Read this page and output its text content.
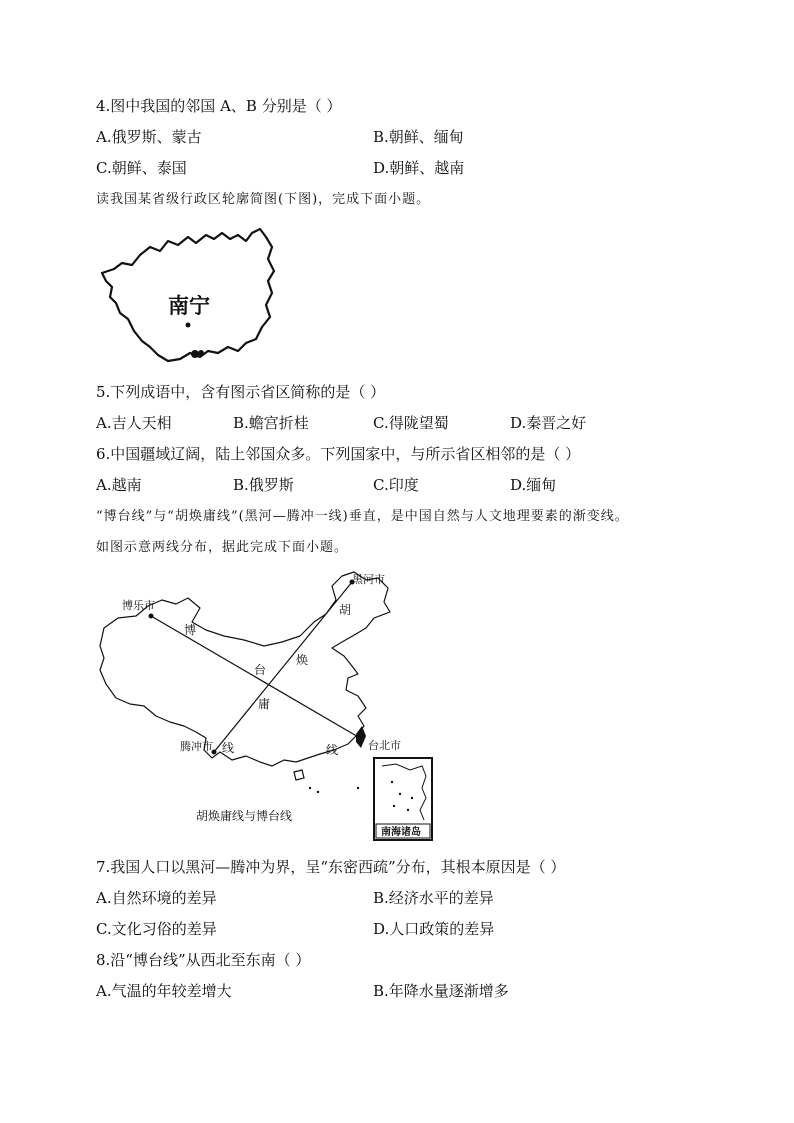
4.图中我国的邻国 A、B 分别是（ ）
A.俄罗斯、蒙古	B.朝鲜、缅甸
C.朝鲜、泰国	D.朝鲜、越南
读我国某省级行政区轮廓简图(下图)，完成下面小题。
南宁
5.下列成语中，含有图示省区简称的是（ ）
A.吉人天相	B.蟾宫折桂	C.得陇望蜀	D.秦晋之好
6.中国疆域辽阔，陆上邻国众多。下列国家中，与所示省区相邻的是（ ）
A.越南	B.俄罗斯	C.印度	D.缅甸
“博台线”与“胡焕庸线”(黑河—腾冲一线)垂直，是中国自然与人文地理要素的渐变线。
如图示意两线分布，据此完成下面小题。
黑河市
博乐市
腾冲市	台北市
博
台
线
胡
焕
庸
线
胡焕庸线与博台线
南海诸岛
7.我国人口以黑河—腾冲为界，呈“东密西疏”分布，其根本原因是（ ）
A.自然环境的差异	B.经济水平的差异
C.文化习俗的差异	D.人口政策的差异
8.沿“博台线”从西北至东南（ ）
A.气温的年较差增大	B.年降水量逐渐增多
